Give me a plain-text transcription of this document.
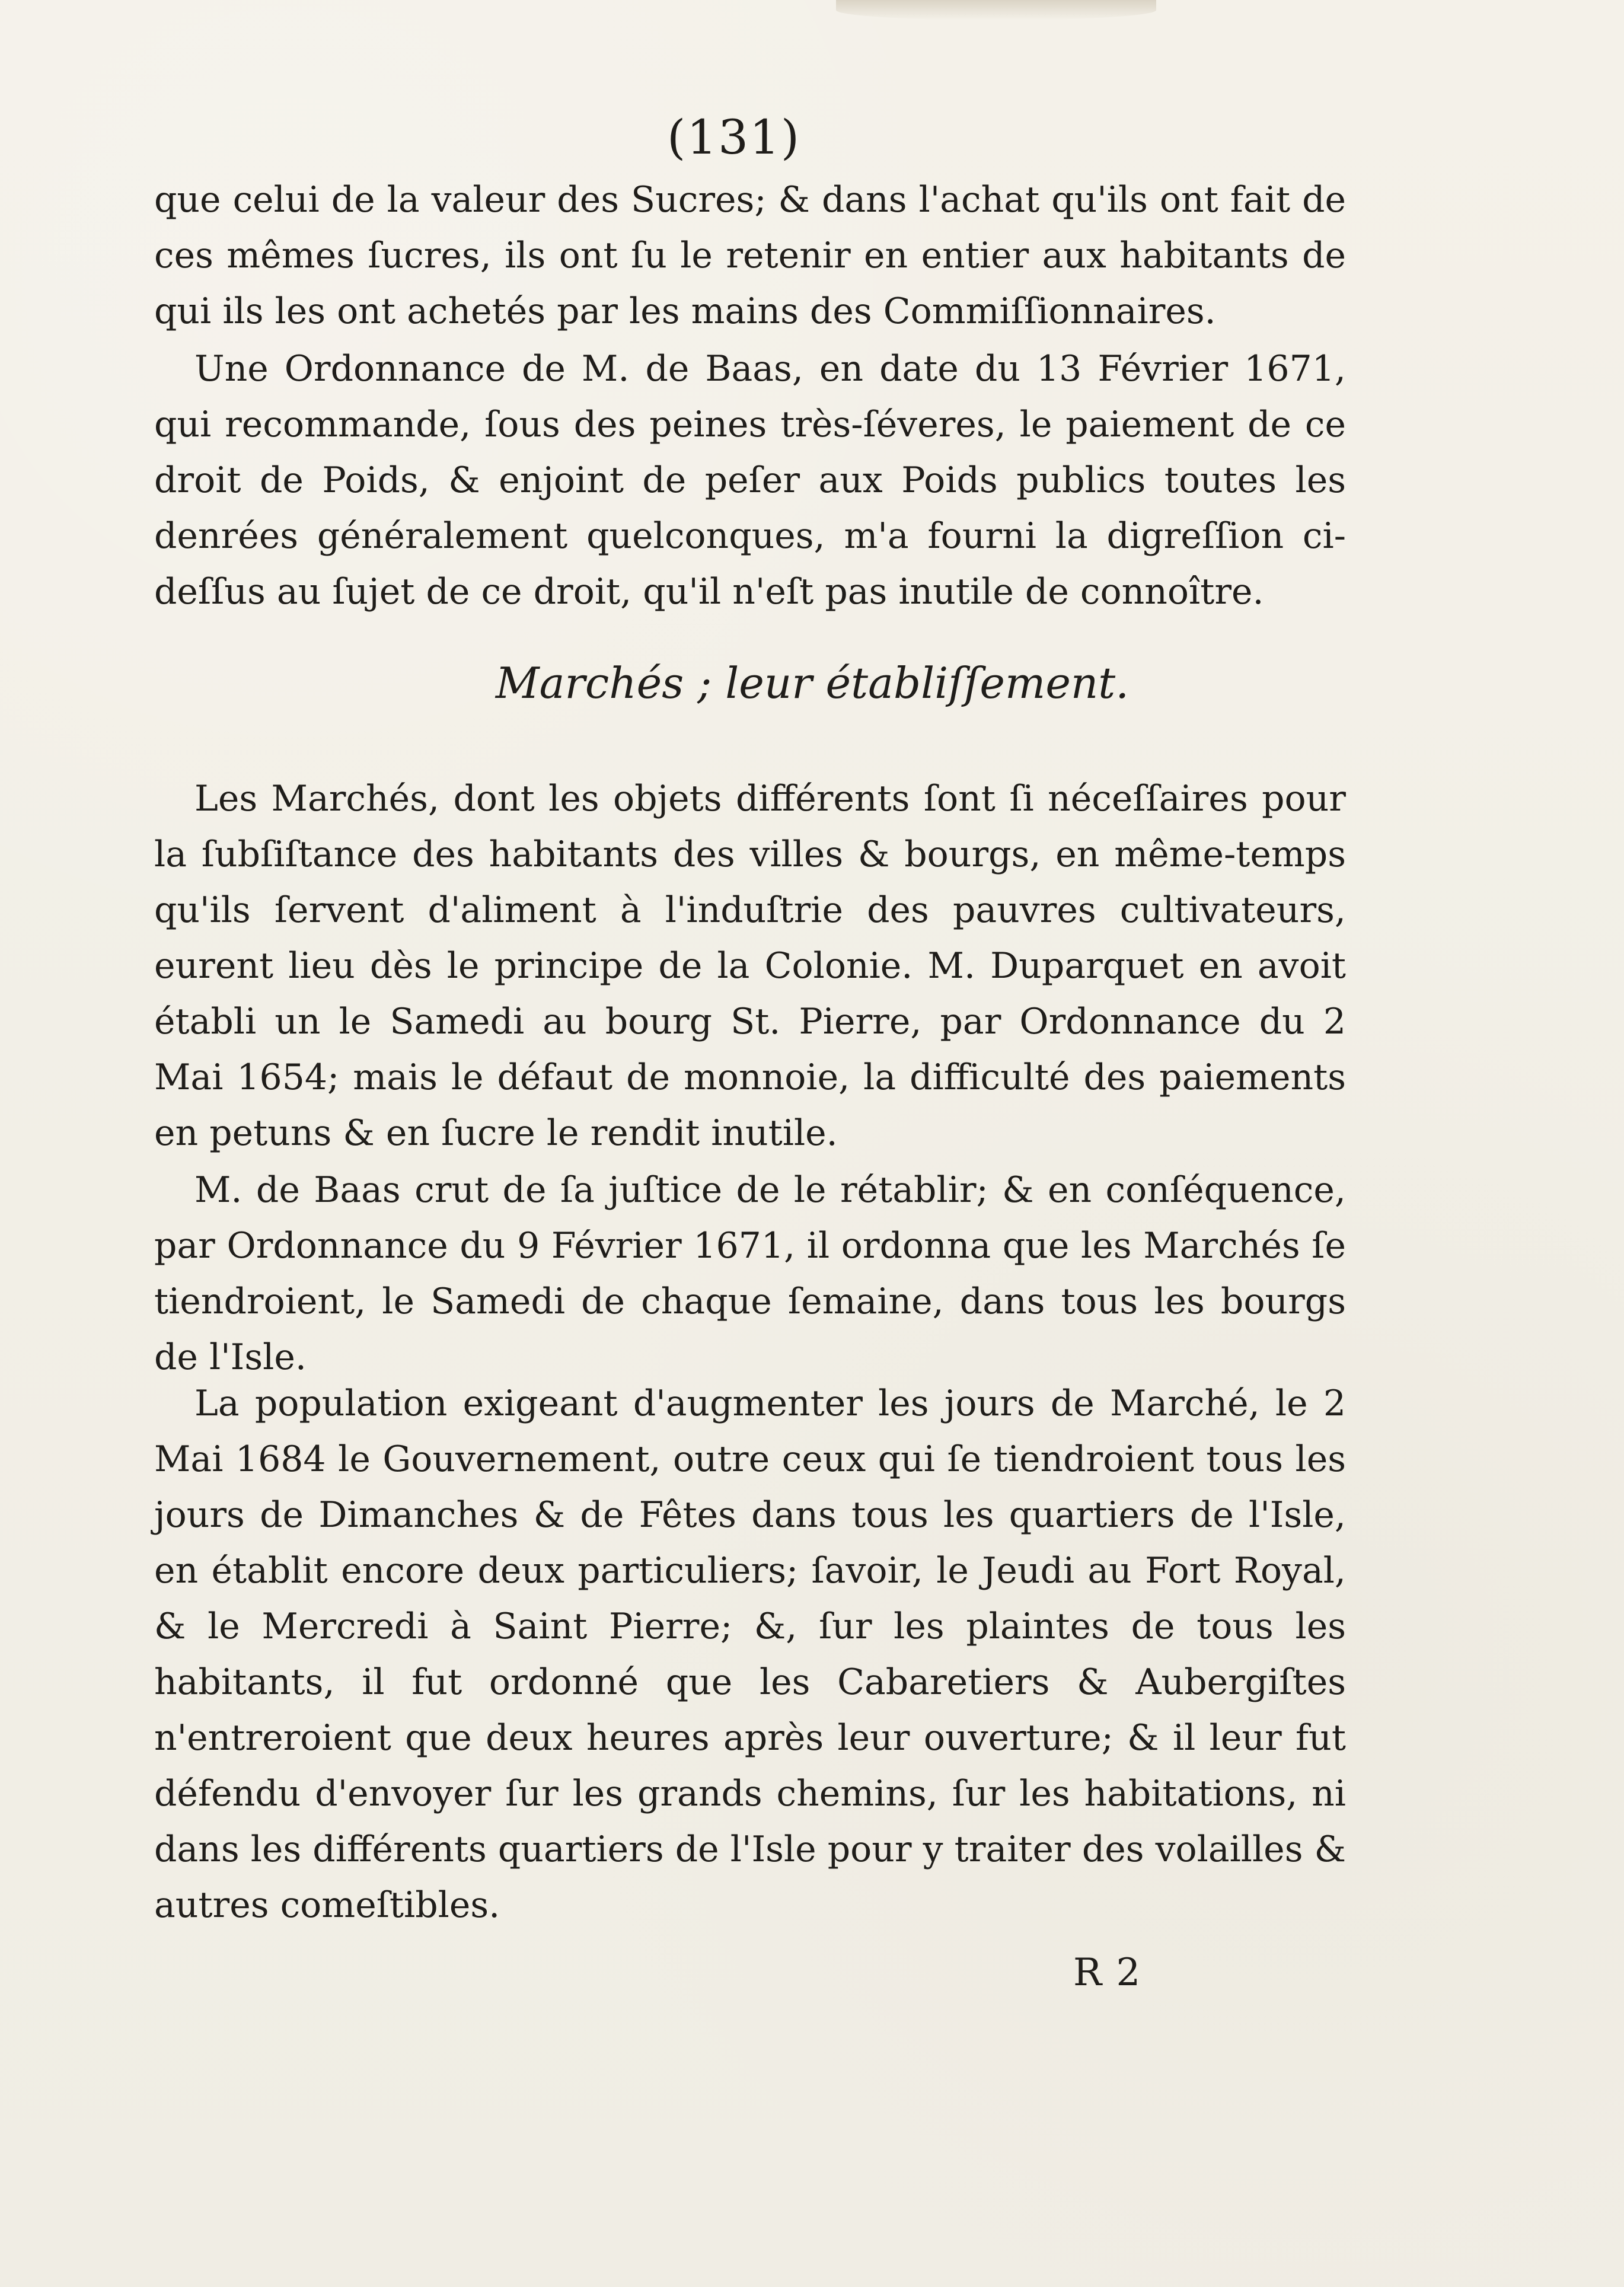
(131)
que celui de la valeur des Sucres; & dans l'achat qu'ils ont fait de ces mêmes ſucres, ils ont ſu le retenir en entier aux habitants de qui ils les ont achetés par les mains des Commiſſionnaires.
Une Ordonnance de M. de Baas, en date du 13 Février 1671, qui recommande, ſous des peines très-ſéveres, le paiement de ce droit de Poids, & enjoint de peſer aux Poids publics toutes les denrées généralement quelconques, m'a fourni la digreſſion ci-deſſus au ſujet de ce droit, qu'il n'eſt pas inutile de connoître.
Marchés ; leur établiſſement.
Les Marchés, dont les objets différents ſont ſi néceſſaires pour la ſubſiſtance des habitants des villes & bourgs, en même-temps qu'ils ſervent d'aliment à l'induſtrie des pauvres cultivateurs, eurent lieu dès le principe de la Colonie. M. Duparquet en avoit établi un le Samedi au bourg St. Pierre, par Ordonnance du 2 Mai 1654; mais le défaut de monnoie, la difficulté des paiements en petuns & en ſucre le rendit inutile.
M. de Baas crut de ſa juſtice de le rétablir; & en conſéquence, par Ordonnance du 9 Février 1671, il ordonna que les Marchés ſe tiendroient, le Samedi de chaque ſemaine, dans tous les bourgs de l'Isle.
La population exigeant d'augmenter les jours de Marché, le 2 Mai 1684 le Gouvernement, outre ceux qui ſe tiendroient tous les jours de Dimanches & de Fêtes dans tous les quartiers de l'Isle, en établit encore deux particuliers; ſavoir, le Jeudi au Fort Royal, & le Mercredi à Saint Pierre; &, ſur les plaintes de tous les habitants, il fut ordonné que les Cabaretiers & Aubergiſtes n'entreroient que deux heures après leur ouverture; & il leur fut défendu d'envoyer ſur les grands chemins, ſur les habitations, ni dans les différents quartiers de l'Isle pour y traiter des volailles & autres comeſtibles.
R 2
